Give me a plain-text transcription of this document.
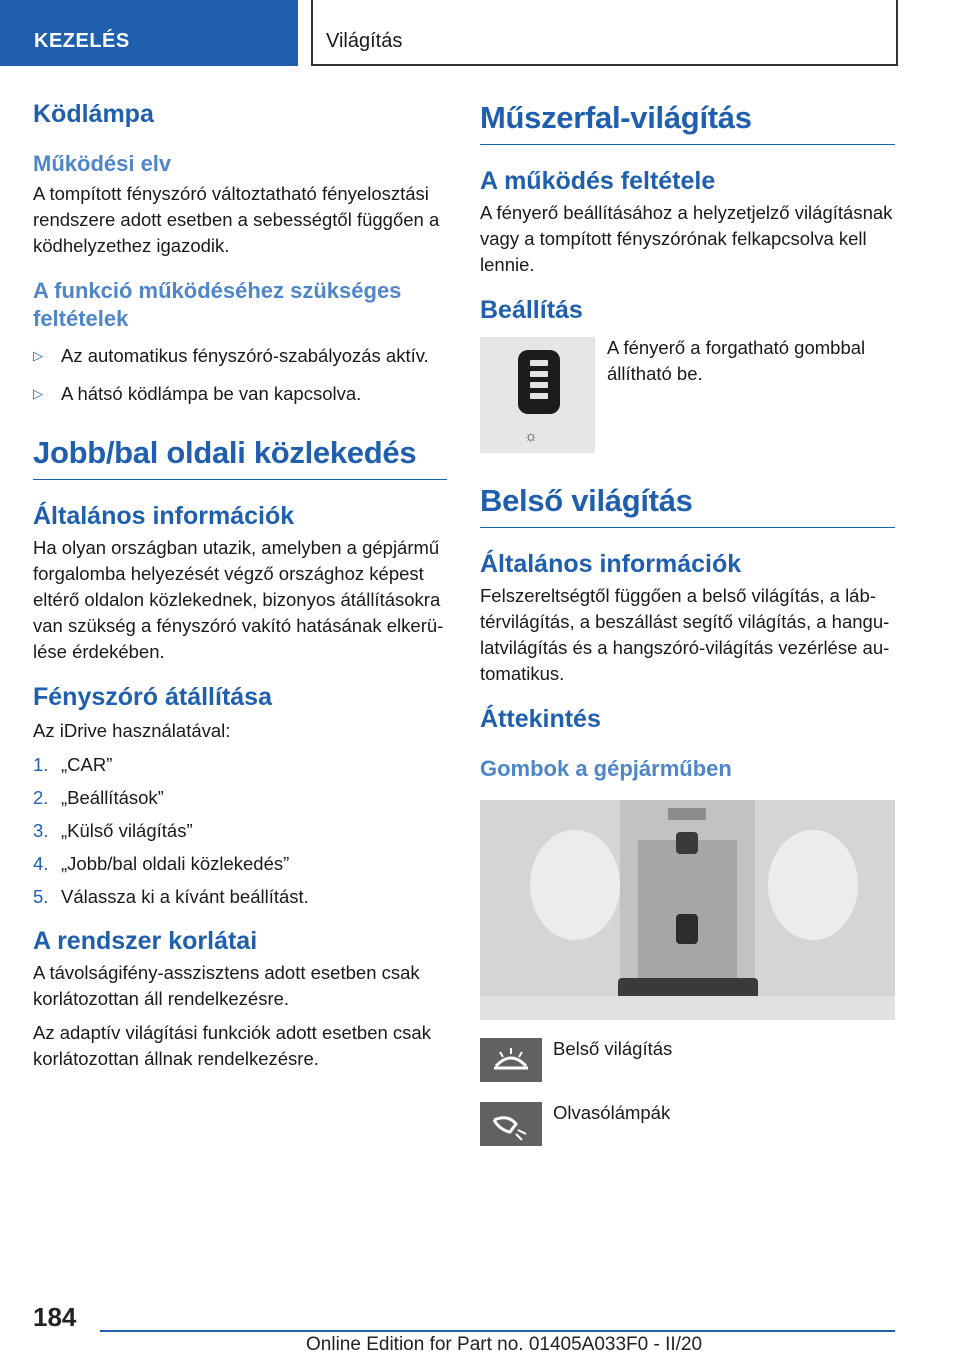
KEZELÉS	Világítás
Ködlámpa
Működési elv

A tompított fényszóró változtatható fényelosztási rendszere adott esetben a sebességtől függően a ködhelyzethez igazodik.

A funkció működéséhez szükséges feltételek
▷ Az automatikus fényszóró-szabályozás aktív.
▷ A hátsó ködlámpa be van kapcsolva.
Jobb/bal oldali közlekedés
Általános információk

Ha olyan országban utazik, amelyben a gépjármű forgalomba helyezését végző országhoz képest eltérő oldalon közlekednek, bizonyos átállításokra van szükség a fényszóró vakító hatásának elkerü-lése érdekében.

Fényszóró átállítása

Az iDrive használatával:

1. „CAR”
2. „Beállítások”
3. „Külső világítás”
4. „Jobb/bal oldali közlekedés”
5. Válassza ki a kívánt beállítást.
A rendszer korlátai

A távolságifény-asszisztens adott esetben csak korlátozottan áll rendelkezésre.

Az adaptív világítási funkciók adott esetben csak korlátozottan állnak rendelkezésre.

Műszerfal-világítás
A működés feltétele

A fényerő beállításához a helyzetjelző világításnak vagy a tompított fényszórónak felkapcsolva kell lennie.

Beállítás
☼

A fényerő a forgatható gombbal állítható be.

Belső világítás
Általános információk

Felszereltségtől függően a belső világítás, a láb-térvilágítás, a beszállást segítő világítás, a hangu-latvilágítás és a hangszóró-világítás vezérlése au-tomatikus.

Áttekintés
Gombok a gépjárműben
Belső világítás
Olvasólámpák
184
Online Edition for Part no. 01405A033F0 - II/20
